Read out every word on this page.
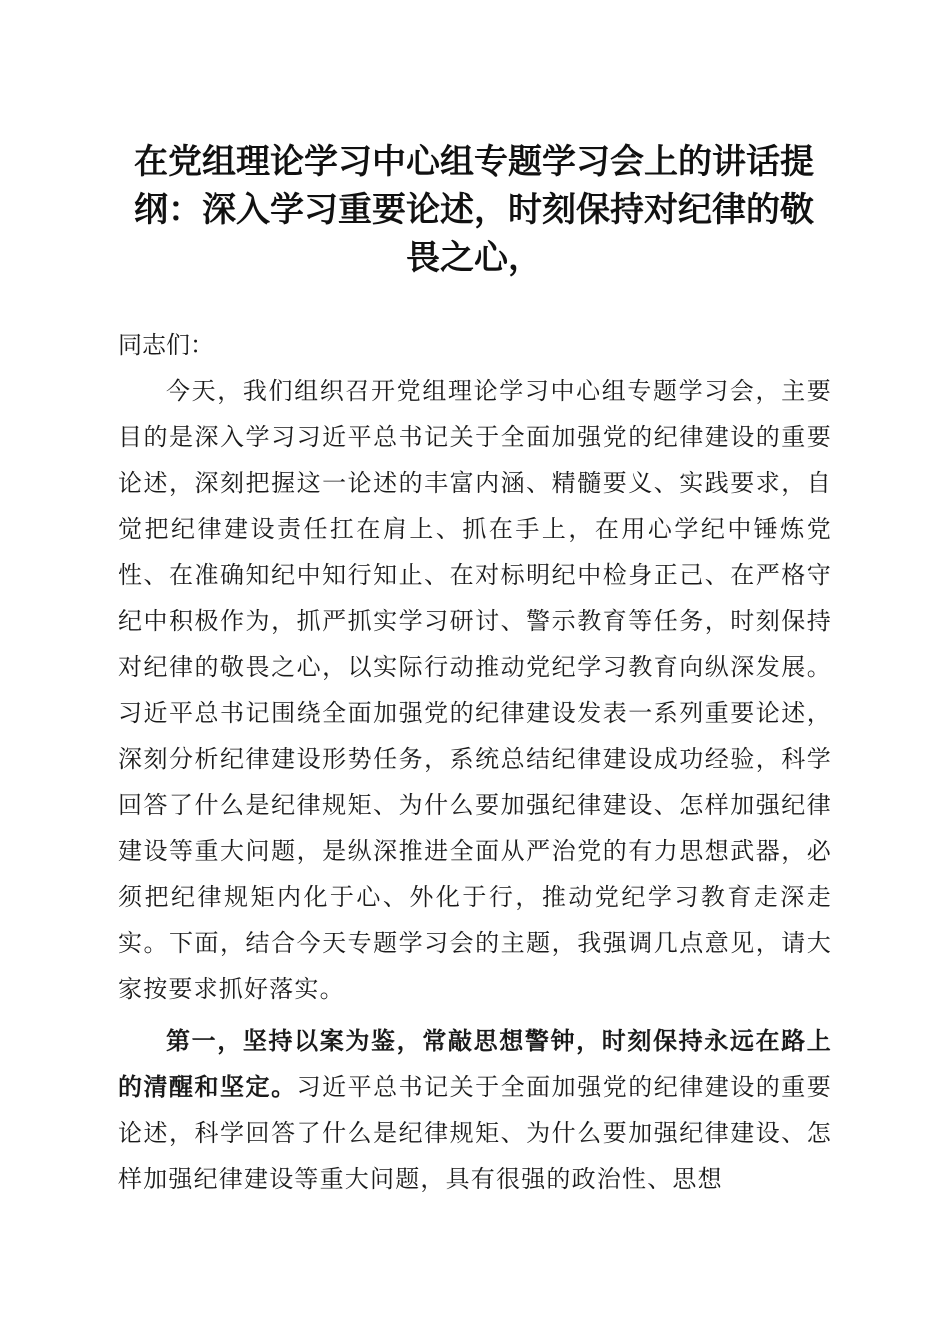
在党组理论学习中心组专题学习会上的讲话提纲：深入学习重要论述，时刻保持对纪律的敬畏之心，

同志们：

今天，我们组织召开党组理论学习中心组专题学习会，主要目的是深入学习习近平总书记关于全面加强党的纪律建设的重要论述，深刻把握这一论述的丰富内涵、精髓要义、实践要求，自觉把纪律建设责任扛在肩上、抓在手上，在用心学纪中锤炼党性、在准确知纪中知行知止、在对标明纪中检身正己、在严格守纪中积极作为，抓严抓实学习研讨、警示教育等任务，时刻保持对纪律的敬畏之心，以实际行动推动党纪学习教育向纵深发展。习近平总书记围绕全面加强党的纪律建设发表一系列重要论述，深刻分析纪律建设形势任务，系统总结纪律建设成功经验，科学回答了什么是纪律规矩、为什么要加强纪律建设、怎样加强纪律建设等重大问题，是纵深推进全面从严治党的有力思想武器，必须把纪律规矩内化于心、外化于行，推动党纪学习教育走深走实。下面，结合今天专题学习会的主题，我强调几点意见，请大家按要求抓好落实。

第一，坚持以案为鉴，常敲思想警钟，时刻保持永远在路上的清醒和坚定。习近平总书记关于全面加强党的纪律建设的重要论述，科学回答了什么是纪律规矩、为什么要加强纪律建设、怎样加强纪律建设等重大问题，具有很强的政治性、思想
